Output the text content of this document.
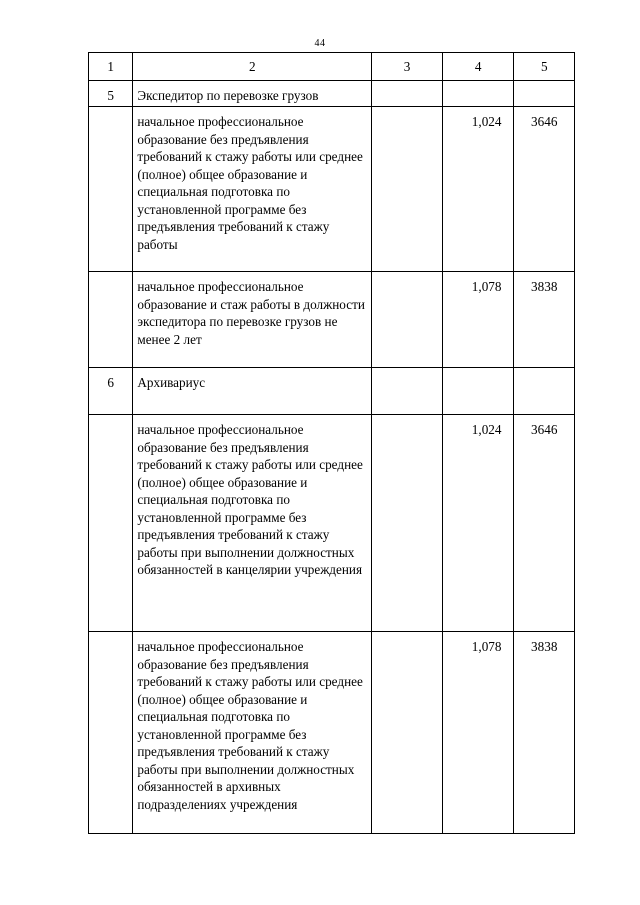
44
1	2	3	4	5
5	Экспедитор по перевозке грузов			
	начальное профессиональное образование без предъявления требований к стажу работы или среднее (полное) общее образование и специальная подготовка по установленной программе без предъявления требований к стажу работы		1,024	3646
	начальное профессиональное образование и стаж работы в должности экспедитора по перевозке грузов не менее 2 лет		1,078	3838
6	Архивариус			
	начальное профессиональное образование без предъявления требований к стажу работы или среднее (полное) общее образование и специальная подготовка по установленной программе без предъявления требований к стажу работы при выполнении должностных обязанностей в канцелярии учреждения		1,024	3646
	начальное профессиональное образование без предъявления требований к стажу работы или среднее (полное) общее образование и специальная подготовка по установленной программе без предъявления требований к стажу работы при выполнении должностных обязанностей в архивных подразделениях учреждения		1,078	3838
